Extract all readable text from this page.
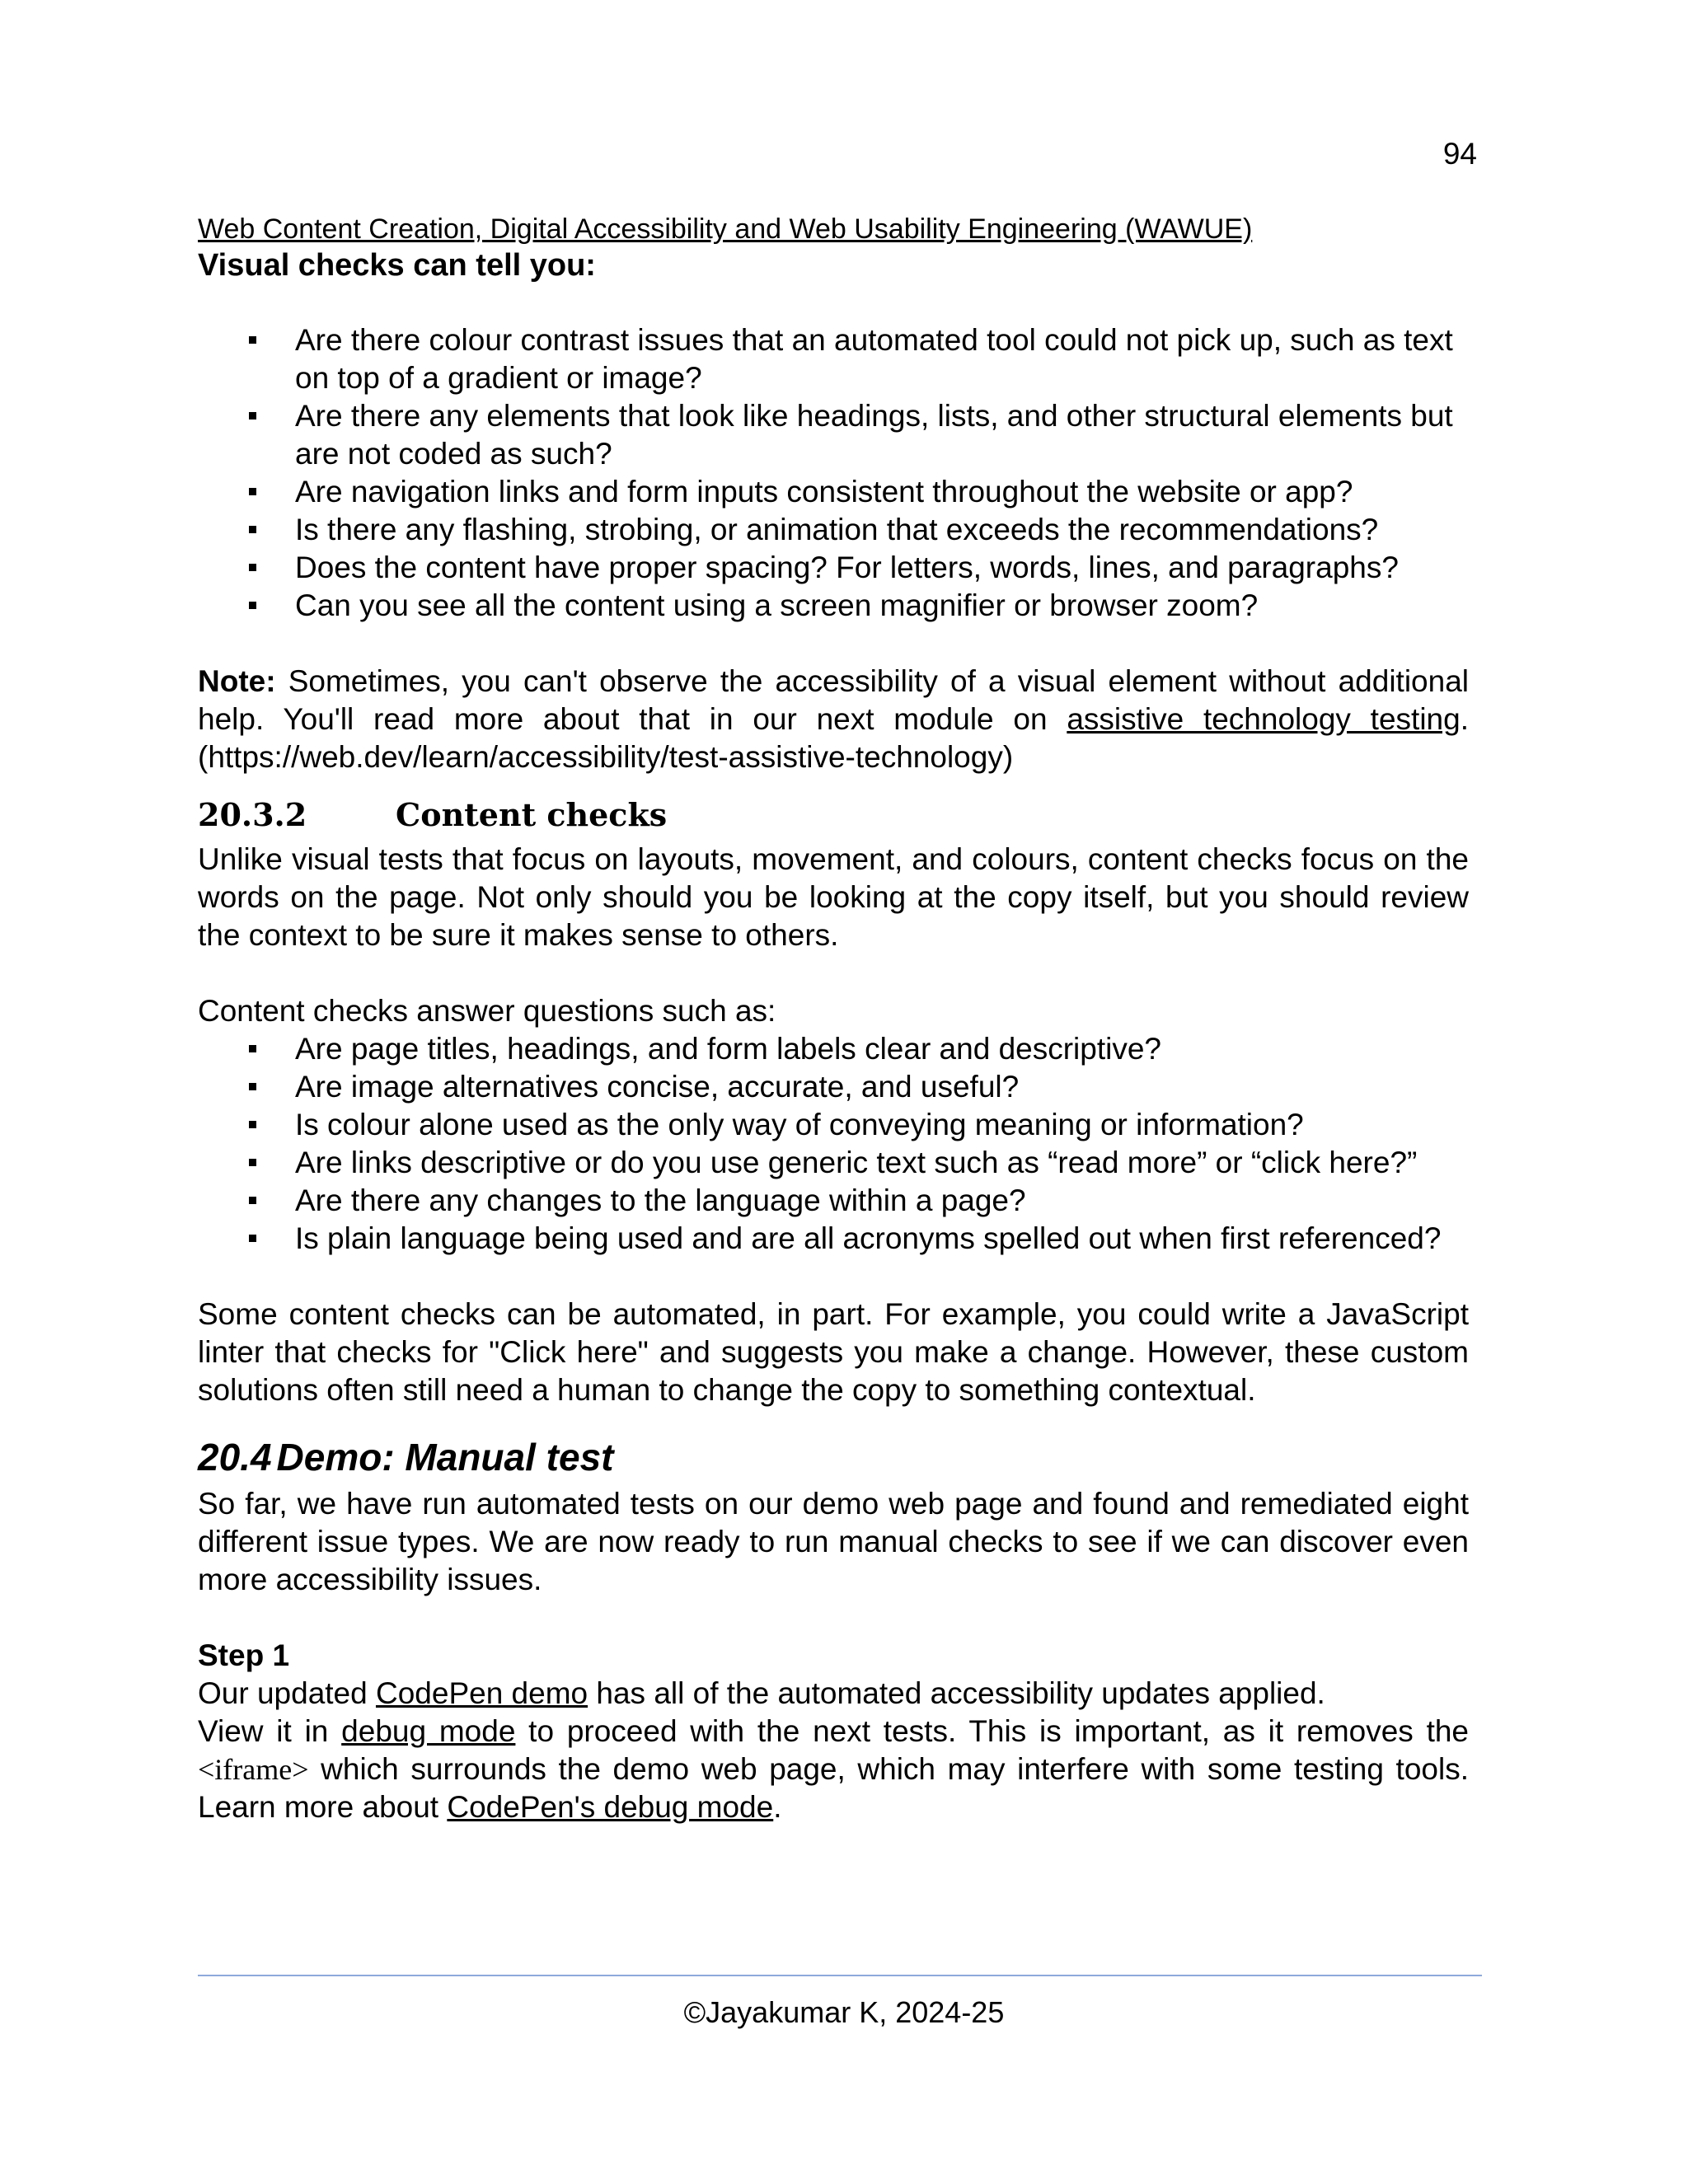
94

Web Content Creation, Digital Accessibility and Web Usability Engineering (WAWUE)

Visual checks can tell you:

Are there colour contrast issues that an automated tool could not pick up, such as text on top of a gradient or image?
Are there any elements that look like headings, lists, and other structural elements but are not coded as such?
Are navigation links and form inputs consistent throughout the website or app?
Is there any flashing, strobing, or animation that exceeds the recommendations?
Does the content have proper spacing? For letters, words, lines, and paragraphs?
Can you see all the content using a screen magnifier or browser zoom?

Note: Sometimes, you can't observe the accessibility of a visual element without additional help. You'll read more about that in our next module on assistive technology testing. (https://web.dev/learn/accessibility/test-assistive-technology)

20.3.2	Content checks

Unlike visual tests that focus on layouts, movement, and colours, content checks focus on the words on the page. Not only should you be looking at the copy itself, but you should review the context to be sure it makes sense to others.

Content checks answer questions such as:

Are page titles, headings, and form labels clear and descriptive?
Are image alternatives concise, accurate, and useful?
Is colour alone used as the only way of conveying meaning or information?
Are links descriptive or do you use generic text such as “read more” or “click here?”
Are there any changes to the language within a page?
Is plain language being used and are all acronyms spelled out when first referenced?

Some content checks can be automated, in part. For example, you could write a JavaScript linter that checks for "Click here" and suggests you make a change. However, these custom solutions often still need a human to change the copy to something contextual.

20.4 Demo: Manual test

So far, we have run automated tests on our demo web page and found and remediated eight different issue types. We are now ready to run manual checks to see if we can discover even more accessibility issues.

Step 1

Our updated CodePen demo has all of the automated accessibility updates applied.

View it in debug mode to proceed with the next tests. This is important, as it removes the <iframe> which surrounds the demo web page, which may interfere with some testing tools. Learn more about CodePen's debug mode.

©Jayakumar K, 2024-25
